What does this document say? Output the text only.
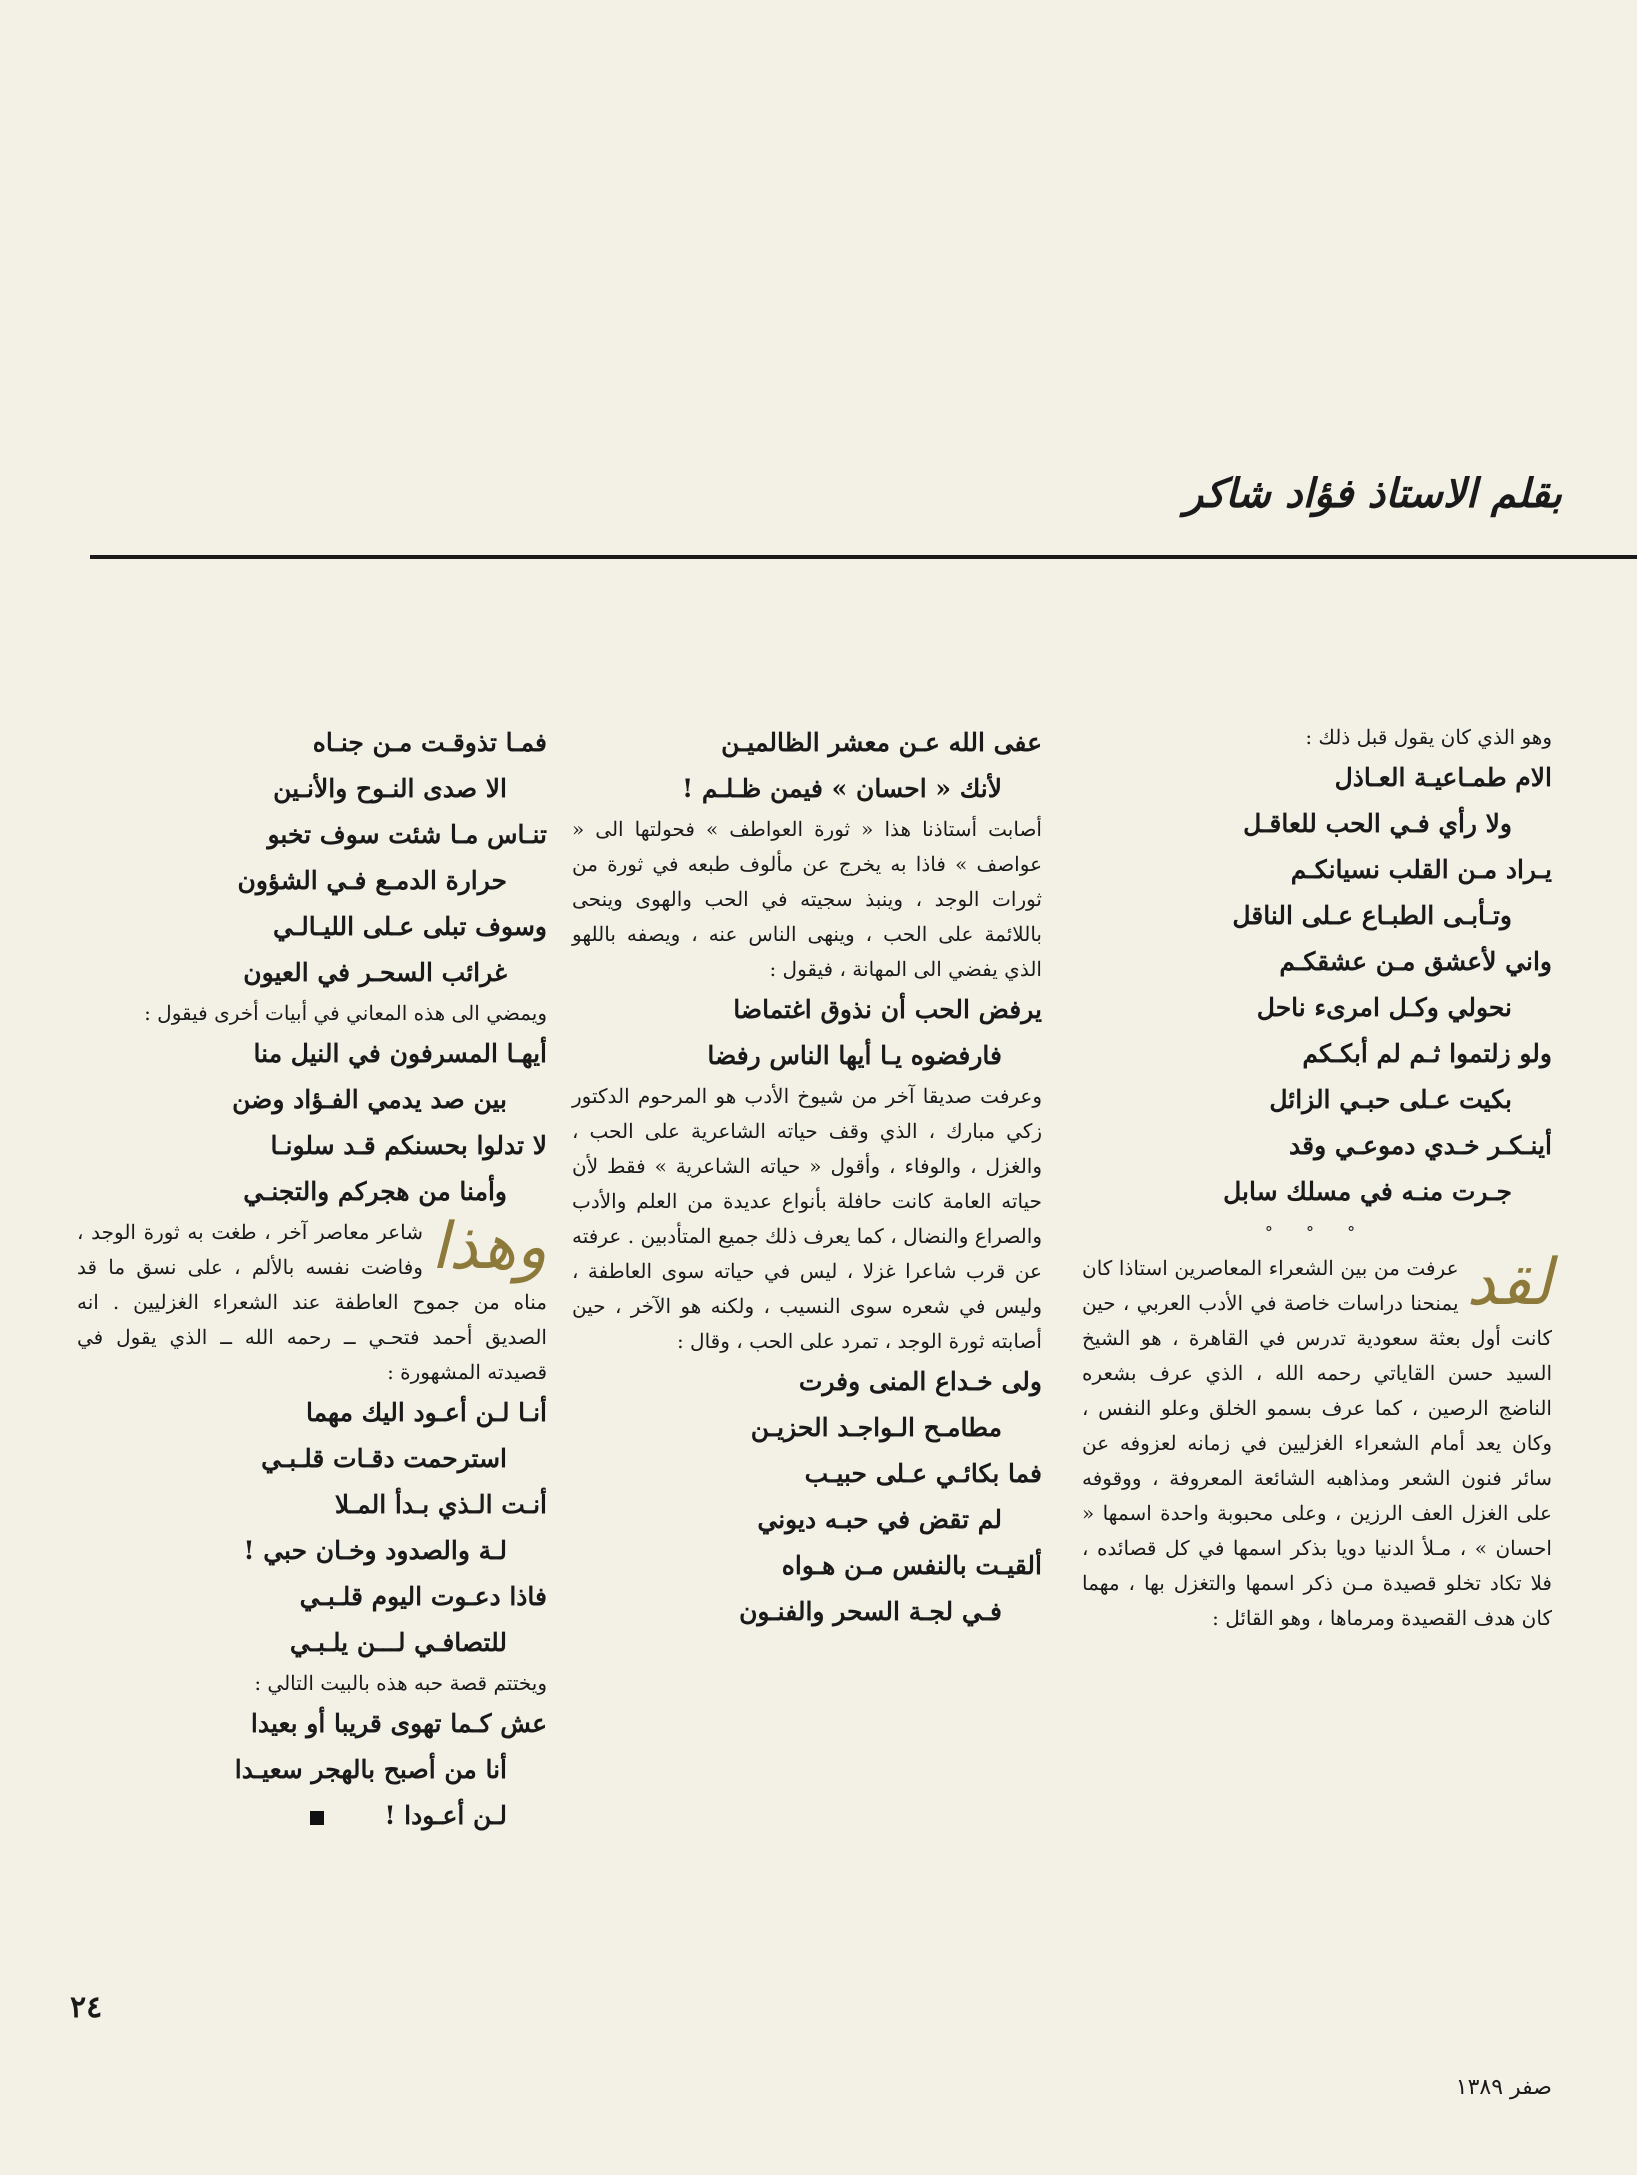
بقلم الاستاذ فؤاد شاكر
وهو الذي كان يقول قبل ذلك :
الام طمـاعيـة العـاذل
ولا رأي فـي الحب للعاقـل
يـراد مـن القلب نسيانكـم
وتـأبـى الطبـاع عـلى الناقل
واني لأعشق مـن عشقكـم
نحولي وكـل امرىء ناحل
ولو زلتموا ثـم لم أبكـكم
بكيت عـلى حبـي الزائل
أينـكـر خـدي دموعـي وقد
جـرت منـه في مسلك سابل
° ° °
لقد
عرفت من بين الشعراء المعاصرين استاذا كان يمنحنا دراسات خاصة في الأدب العربي ، حين كانت أول بعثة سعودية تدرس في القاهرة ، هو الشيخ السيد حسن القاياتي رحمه الله ، الذي عرف بشعره الناضج الرصين ، كما عرف بسمو الخلق وعلو النفس ، وكان يعد أمام الشعراء الغزليين في زمانه لعزوفه عن سائر فنون الشعر ومذاهبه الشائعة المعروفة ، ووقوفه على الغزل العف الرزين ، وعلى محبوبة واحدة اسمها « احسان » ، مـلأ الدنيا دويا بذكر اسمها في كل قصائده ، فلا تكاد تخلو قصيدة مـن ذكر اسمها والتغزل بها ، مهما كان هدف القصيدة ومرماها ، وهو القائل :
عفى الله عـن معشر الظالميـن
لأنك « احسان » فيمن ظـلـم !
أصابت أستاذنا هذا « ثورة العواطف » فحولتها الى « عواصف » فاذا به يخرج عن مألوف طبعه في ثورة من ثورات الوجد ، وينبذ سجيته في الحب والهوى وينحى باللائمة على الحب ، وينهى الناس عنه ، ويصفه باللهو الذي يفضي الى المهانة ، فيقول :
يرفض الحب أن نذوق اغتماضا
فارفضوه يـا أيها الناس رفضا
وعرفت صديقا آخر من شيوخ الأدب هو المرحوم الدكتور زكي مبارك ، الذي وقف حياته الشاعرية على الحب ، والغزل ، والوفاء ، وأقول « حياته الشاعرية » فقط لأن حياته العامة كانت حافلة بأنواع عديدة من العلم والأدب والصراع والنضال ، كما يعرف ذلك جميع المتأدبين . عرفته عن قرب شاعرا غزلا ، ليس في حياته سوى العاطفة ، وليس في شعره سوى النسيب ، ولكنه هو الآخر ، حين أصابته ثورة الوجد ، تمرد على الحب ، وقال :
ولى خـداع المنى وفرت
مطامـح الـواجـد الحزيـن
فما بكائـي عـلى حبيـب
لم تقض في حبـه ديوني
ألقيـت بالنفس مـن هـواه
فـي لجـة السحر والفنـون
فمـا تذوقـت مـن جنـاه
الا صدى النـوح والأنـين
تنـاس مـا شئت سوف تخبو
حرارة الدمـع فـي الشؤون
وسوف تبلى عـلى الليـالـي
غرائب السحـر في العيون
ويمضي الى هذه المعاني في أبيات أخرى فيقول :
أيهـا المسرفون في النيل منا
بين صد يدمي الفـؤاد وضن
لا تدلوا بحسنكم قـد سلونـا
وأمنا من هجركم والتجنـي
وهذا
شاعر معاصر آخر ، طغت به ثورة الوجد ، وفاضت نفسه بالألم ، على نسق ما قد مناه من جموح العاطفة عند الشعراء الغزليين . انه الصديق أحمد فتحـي ــ رحمه الله ــ الذي يقول في قصيدته المشهورة :
أنـا لـن أعـود اليك مهما
استرحمت دقـات قلـبـي
أنـت الـذي بـدأ المـلا
لـة والصدود وخـان حبي !
فاذا دعـوت اليوم قلـبـي
للتصافـي لـــن يلـبـي
ويختتم قصة حبه هذه بالبيت التالي :
عش كـما تهوى قريبا أو بعيدا
أنا من أصبح بالهجر سعيـدا
لـن أعـودا !
٢٤
صفر ١٣٨٩
